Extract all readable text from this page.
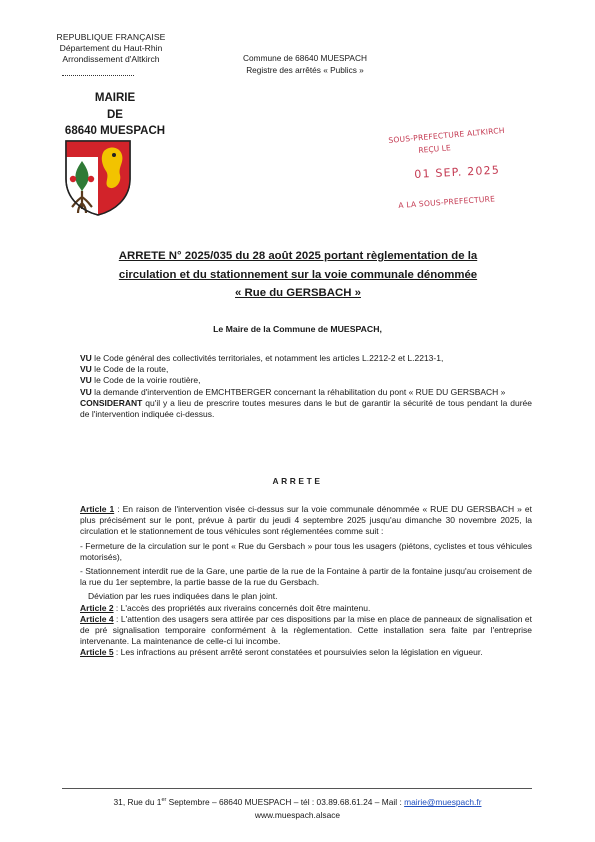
REPUBLIQUE FRANÇAISE
Département du Haut-Rhin
Arrondissement d'Altkirch
MAIRIE
DE
68640 MUESPACH
Commune de 68640 MUESPACH
Registre des arrêtés « Publics »
SOUS-PREFECTURE ALTKIRCH
REÇU LE
01 SEP. 2025
A LA SOUS-PREFECTURE
ARRETE N° 2025/035 du 28 août 2025 portant règlementation de la
circulation et du stationnement sur la voie communale dénommée
« Rue du GERSBACH »
Le Maire de la Commune de MUESPACH,
VU le Code général des collectivités territoriales, et notamment les articles L.2212-2 et L.2213-1,
VU le Code de la route,
VU le Code de la voirie routière,
VU la demande d'intervention de EMCHTBERGER concernant la réhabilitation du pont « RUE DU GERSBACH »
CONSIDERANT qu'il y a lieu de prescrire toutes mesures dans le but de garantir la sécurité de tous pendant la durée de l'intervention indiquée ci-dessus.
ARRETE
Article 1 : En raison de l'intervention visée ci-dessus sur la voie communale dénommée « RUE DU GERSBACH » et plus précisément sur le pont, prévue à partir du jeudi 4 septembre 2025 jusqu'au dimanche 30 novembre 2025, la circulation et le stationnement de tous véhicules sont réglementées comme suit :
- Fermeture de la circulation sur le pont « Rue du Gersbach » pour tous les usagers (piétons, cyclistes et tous véhicules motorisés),
- Stationnement interdit rue de la Gare, une partie de la rue de la Fontaine à partir de la fontaine jusqu'au croisement de la rue du 1er septembre, la partie basse de la rue du Gersbach.
Déviation par les rues indiquées dans le plan joint.
Article 2 : L'accès des propriétés aux riverains concernés doit être maintenu.
Article 4 : L'attention des usagers sera attirée par ces dispositions par la mise en place de panneaux de signalisation et de pré signalisation temporaire conformément à la règlementation. Cette installation sera faite par l'entreprise intervenante. La maintenance de celle-ci lui incombe.
Article 5 : Les infractions au présent arrêté seront constatées et poursuivies selon la législation en vigueur.
31, Rue du 1er Septembre – 68640 MUESPACH – tél : 03.89.68.61.24 – Mail : mairie@muespach.fr
www.muespach.alsace
